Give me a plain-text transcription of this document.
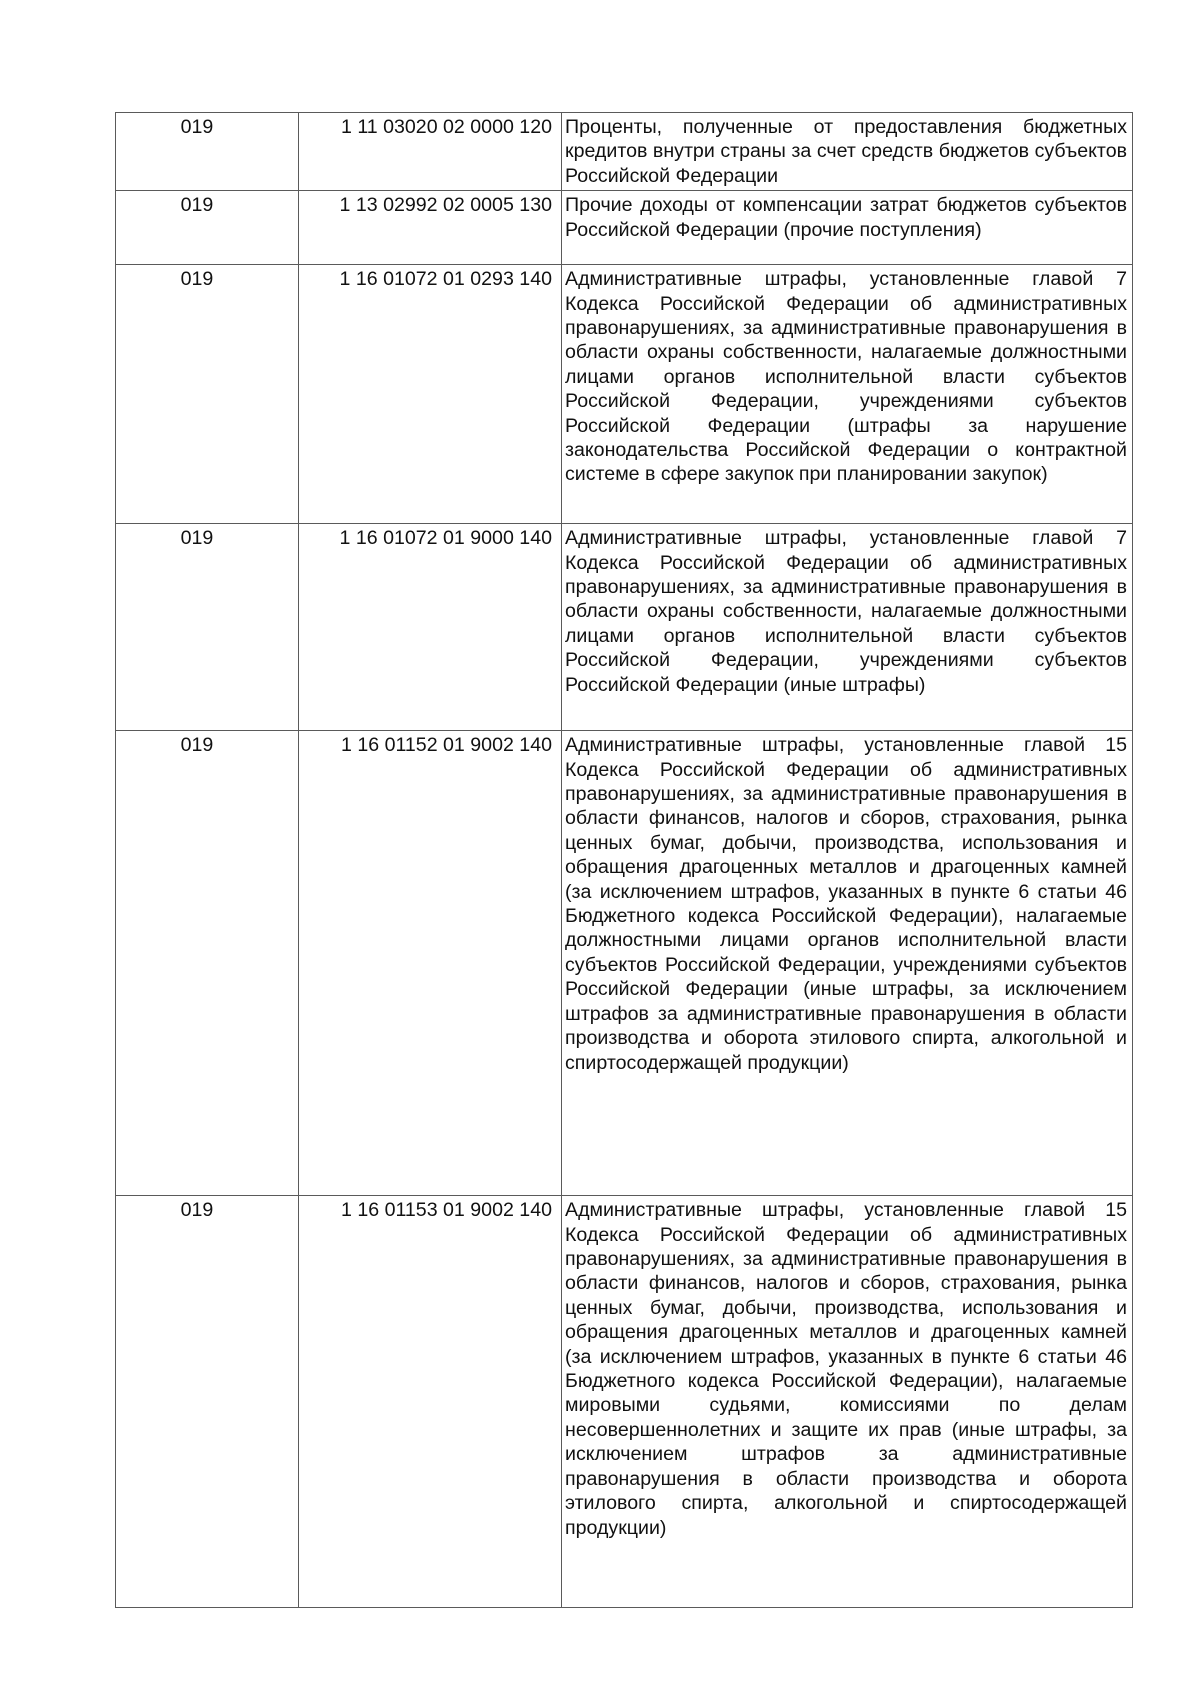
019	1 11 03020 02 0000 120	Проценты, полученные от предоставления бюджетных кредитов внутри страны за счет средств бюджетов субъектов Российской Федерации
019	1 13 02992 02 0005 130	Прочие доходы от компенсации затрат бюджетов субъектов Российской Федерации (прочие поступления)
019	1 16 01072 01 0293 140	Административные штрафы, установленные главой 7 Кодекса Российской Федерации об административных правонарушениях, за административные правонарушения в области охраны собственности, налагаемые должностными лицами органов исполнительной власти субъектов Российской Федерации, учреждениями субъектов Российской Федерации (штрафы за нарушение законодательства Российской Федерации о контрактной системе в сфере закупок при планировании закупок)
019	1 16 01072 01 9000 140	Административные штрафы, установленные главой 7 Кодекса Российской Федерации об административных правонарушениях, за административные правонарушения в области охраны собственности, налагаемые должностными лицами органов исполнительной власти субъектов Российской Федерации, учреждениями субъектов Российской Федерации (иные штрафы)
019	1 16 01152 01 9002 140	Административные штрафы, установленные главой 15 Кодекса Российской Федерации об административных правонарушениях, за административные правонарушения в области финансов, налогов и сборов, страхования, рынка ценных бумаг, добычи, производства, использования и обращения драгоценных металлов и драгоценных камней (за исключением штрафов, указанных в пункте 6 статьи 46 Бюджетного кодекса Российской Федерации), налагаемые должностными лицами органов исполнительной власти субъектов Российской Федерации, учреждениями субъектов Российской Федерации (иные штрафы, за исключением штрафов за административные правонарушения в области производства и оборота этилового спирта, алкогольной и спиртосодержащей продукции)
019	1 16 01153 01 9002 140	Административные штрафы, установленные главой 15 Кодекса Российской Федерации об административных правонарушениях, за административные правонарушения в области финансов, налогов и сборов, страхования, рынка ценных бумаг, добычи, производства, использования и обращения драгоценных металлов и драгоценных камней (за исключением штрафов, указанных в пункте 6 статьи 46 Бюджетного кодекса Российской Федерации), налагаемые мировыми судьями, комиссиями по делам несовершеннолетних и защите их прав (иные штрафы, за исключением штрафов за административные правонарушения в области производства и оборота этилового спирта, алкогольной и спиртосодержащей продукции)
